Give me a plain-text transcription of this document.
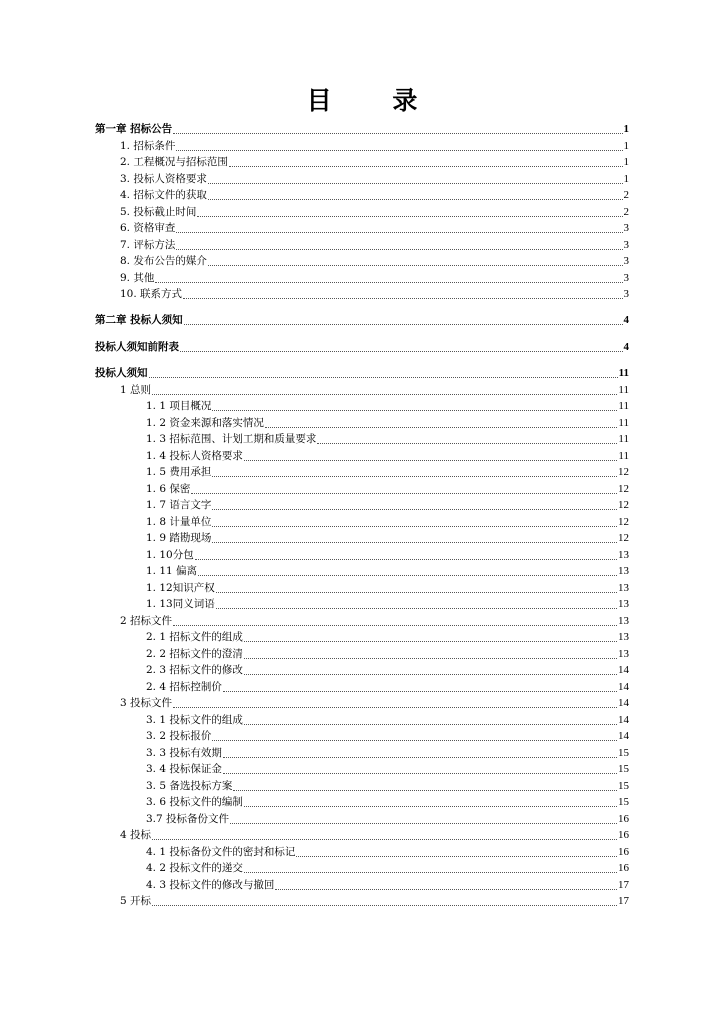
目 录
第一章 招标公告	1
1. 招标条件	1
2. 工程概况与招标范围	1
3. 投标人资格要求	1
4. 招标文件的获取	2
5. 投标截止时间	2
6. 资格审查	3
7. 评标方法	3
8. 发布公告的媒介	3
9. 其他	3
10. 联系方式	3
第二章 投标人须知	4
投标人须知前附表	4
投标人须知	11
1 总则	11
1. 1 项目概况	11
1. 2 资金来源和落实情况	11
1. 3 招标范围、计划工期和质量要求	11
1. 4 投标人资格要求	11
1. 5 费用承担	12
1. 6 保密	12
1. 7 语言文字	12
1. 8 计量单位	12
1. 9 踏勘现场	12
1. 10分包	13
1. 11 偏离	13
1. 12知识产权	13
1. 13同义词语	13
2 招标文件	13
2. 1 招标文件的组成	13
2. 2 招标文件的澄清	13
2. 3 招标文件的修改	14
2. 4 招标控制价	14
3 投标文件	14
3. 1 投标文件的组成	14
3. 2 投标报价	14
3. 3 投标有效期	15
3. 4 投标保证金	15
3. 5 备选投标方案	15
3. 6 投标文件的编制	15
3.7 投标备份文件	16
4 投标	16
4. 1 投标备份文件的密封和标记	16
4. 2 投标文件的递交	16
4. 3 投标文件的修改与撤回	17
5 开标	17
